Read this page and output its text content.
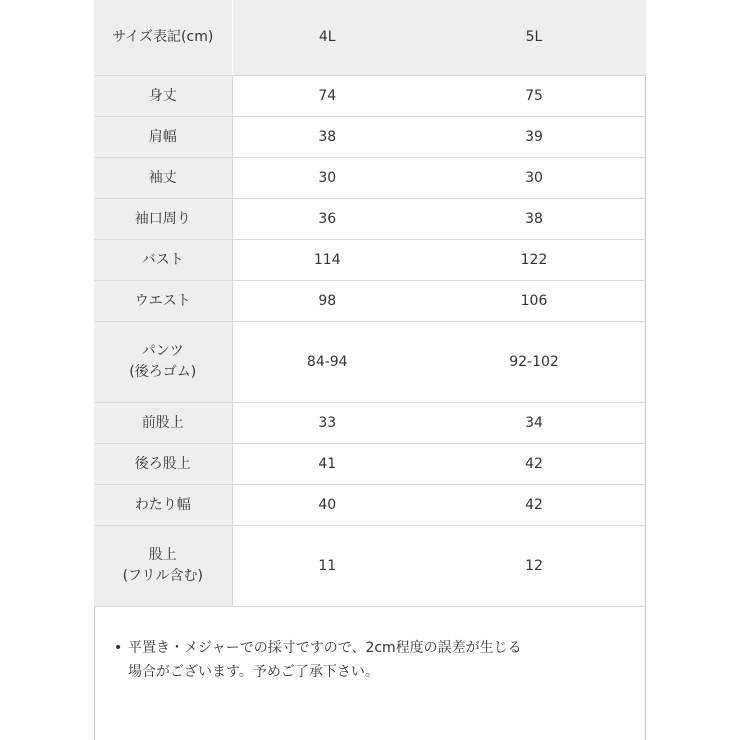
サイズ表記(cm)	4L	5L

身丈	74	75

肩幅	38	39

袖丈	30	30

袖口周り	36	38

バスト	114	122

ウエスト	98	106

パンツ
(後ろゴム)	84-94	92-102

前股上	33	34

後ろ股上	41	42

わたり幅	40	42

股上
(フリル含む)	11	12
• 平置き・メジャーでの採寸ですので、2cm程度の誤差が生じる
場合がございます。予めご了承下さい。
